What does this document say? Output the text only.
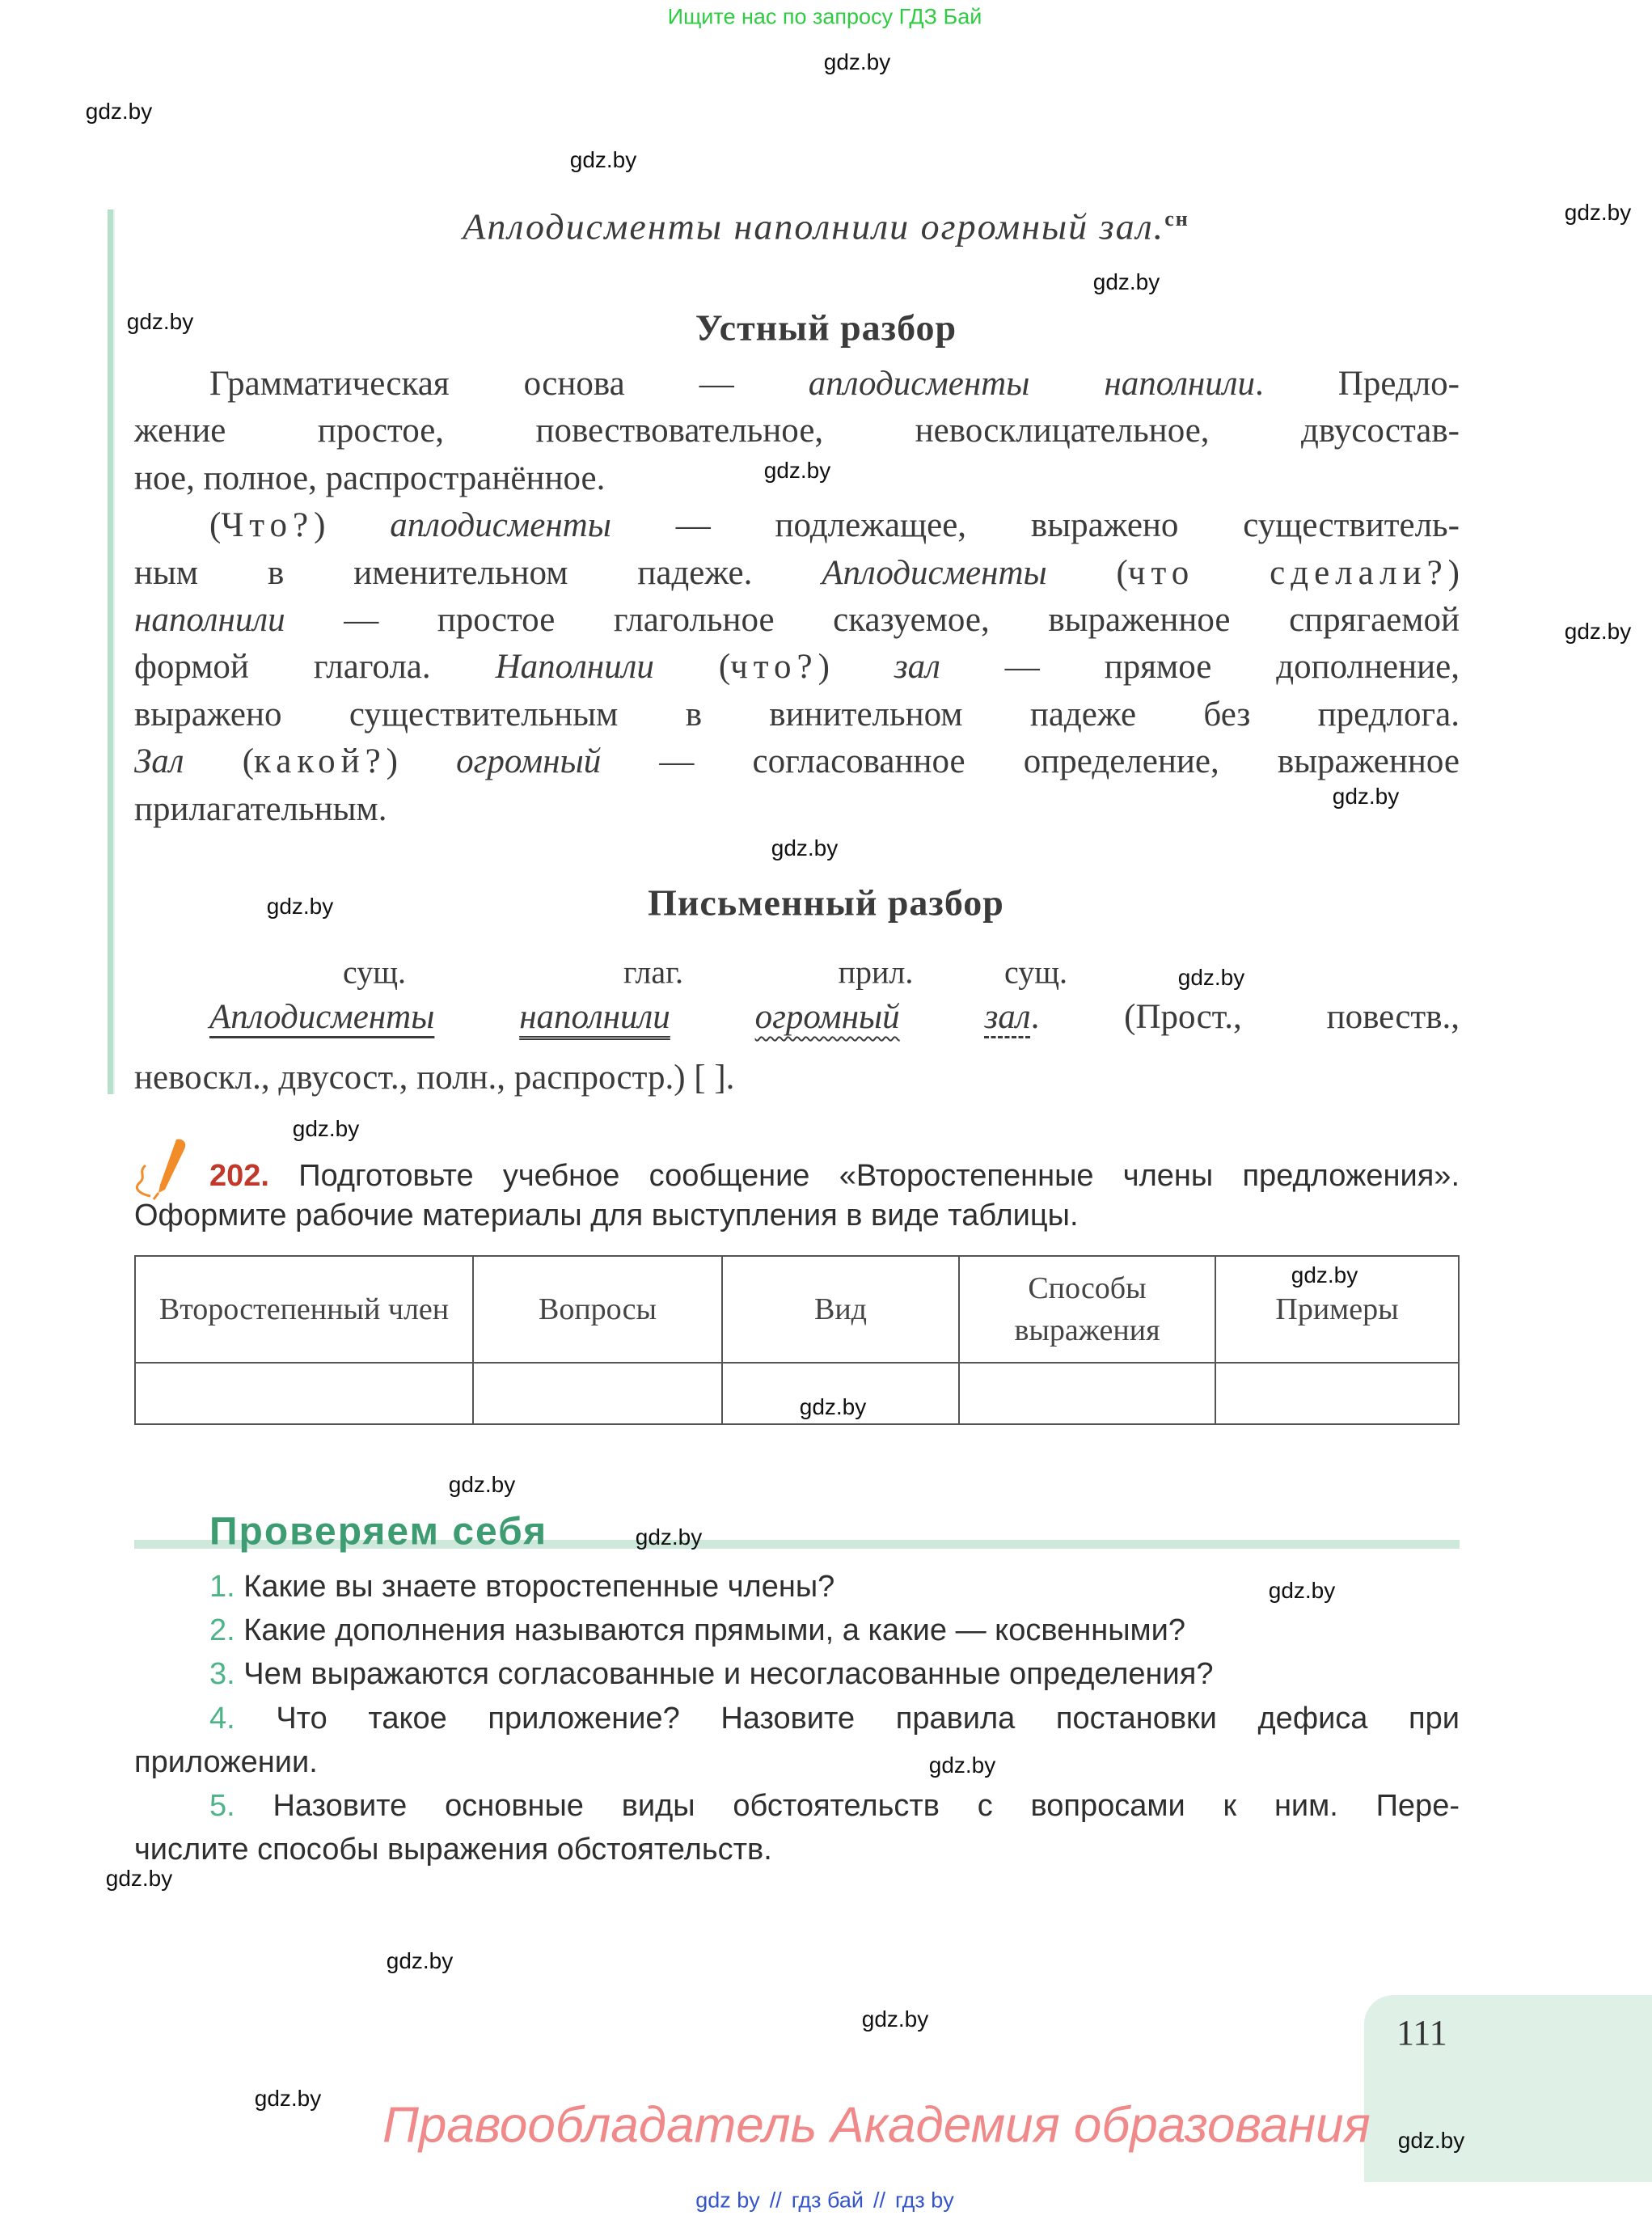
Ищите нас по запросу ГДЗ Бай
Аплодисменты наполнили огромный зал.$^{сн}$
Устный разбор
Грамматическая основа — аплодисменты наполнили. Предло-
жение простое, повествовательное, невосклицательное, двусостав-
ное, полное, распространённое.
(Что?) аплодисменты — подлежащее, выражено существитель-
ным в именительном падеже. Аплодисменты (что сделали?)
наполнили — простое глагольное сказуемое, выраженное спрягаемой
формой глагола. Наполнили (что?) зал — прямое дополнение,
выражено существительным в винительном падеже без предлога.
Зал (какой?) огромный — согласованное определение, выраженное
прилагательным.
Письменный разбор
сущ.	глаг.	прил.	сущ.
Аплодисменты наполнили огромный зал. (Прост., повеств.,
невоскл., двусост., полн., распростр.) [ ].
202. Подготовьте учебное сообщение «Второстепенные члены предложения».
Оформите рабочие материалы для выступления в виде таблицы.
Второстепенный член	Вопросы	Вид	Способы выражения	Примеры

Проверяем себя
1. Какие вы знаете второстепенные члены?
2. Какие дополнения называются прямыми, а какие — косвенными?
3. Чем выражаются согласованные и несогласованные определения?
4. Что такое приложение? Назовите правила постановки дефиса при
приложении.
5. Назовите основные виды обстоятельств с вопросами к ним. Пере-
числите способы выражения обстоятельств.
111
Правообладатель Академия образования
gdz by // гдз бай // гдз by
gdz.by
gdz.by
gdz.by
gdz.by
gdz.by
gdz.by
gdz.by
gdz.by
gdz.by
gdz.by
gdz.by
gdz.by
gdz.by
gdz.by
gdz.by
gdz.by
gdz.by
gdz.by
gdz.by
gdz.by
gdz.by
gdz.by
gdz.by
gdz.by
